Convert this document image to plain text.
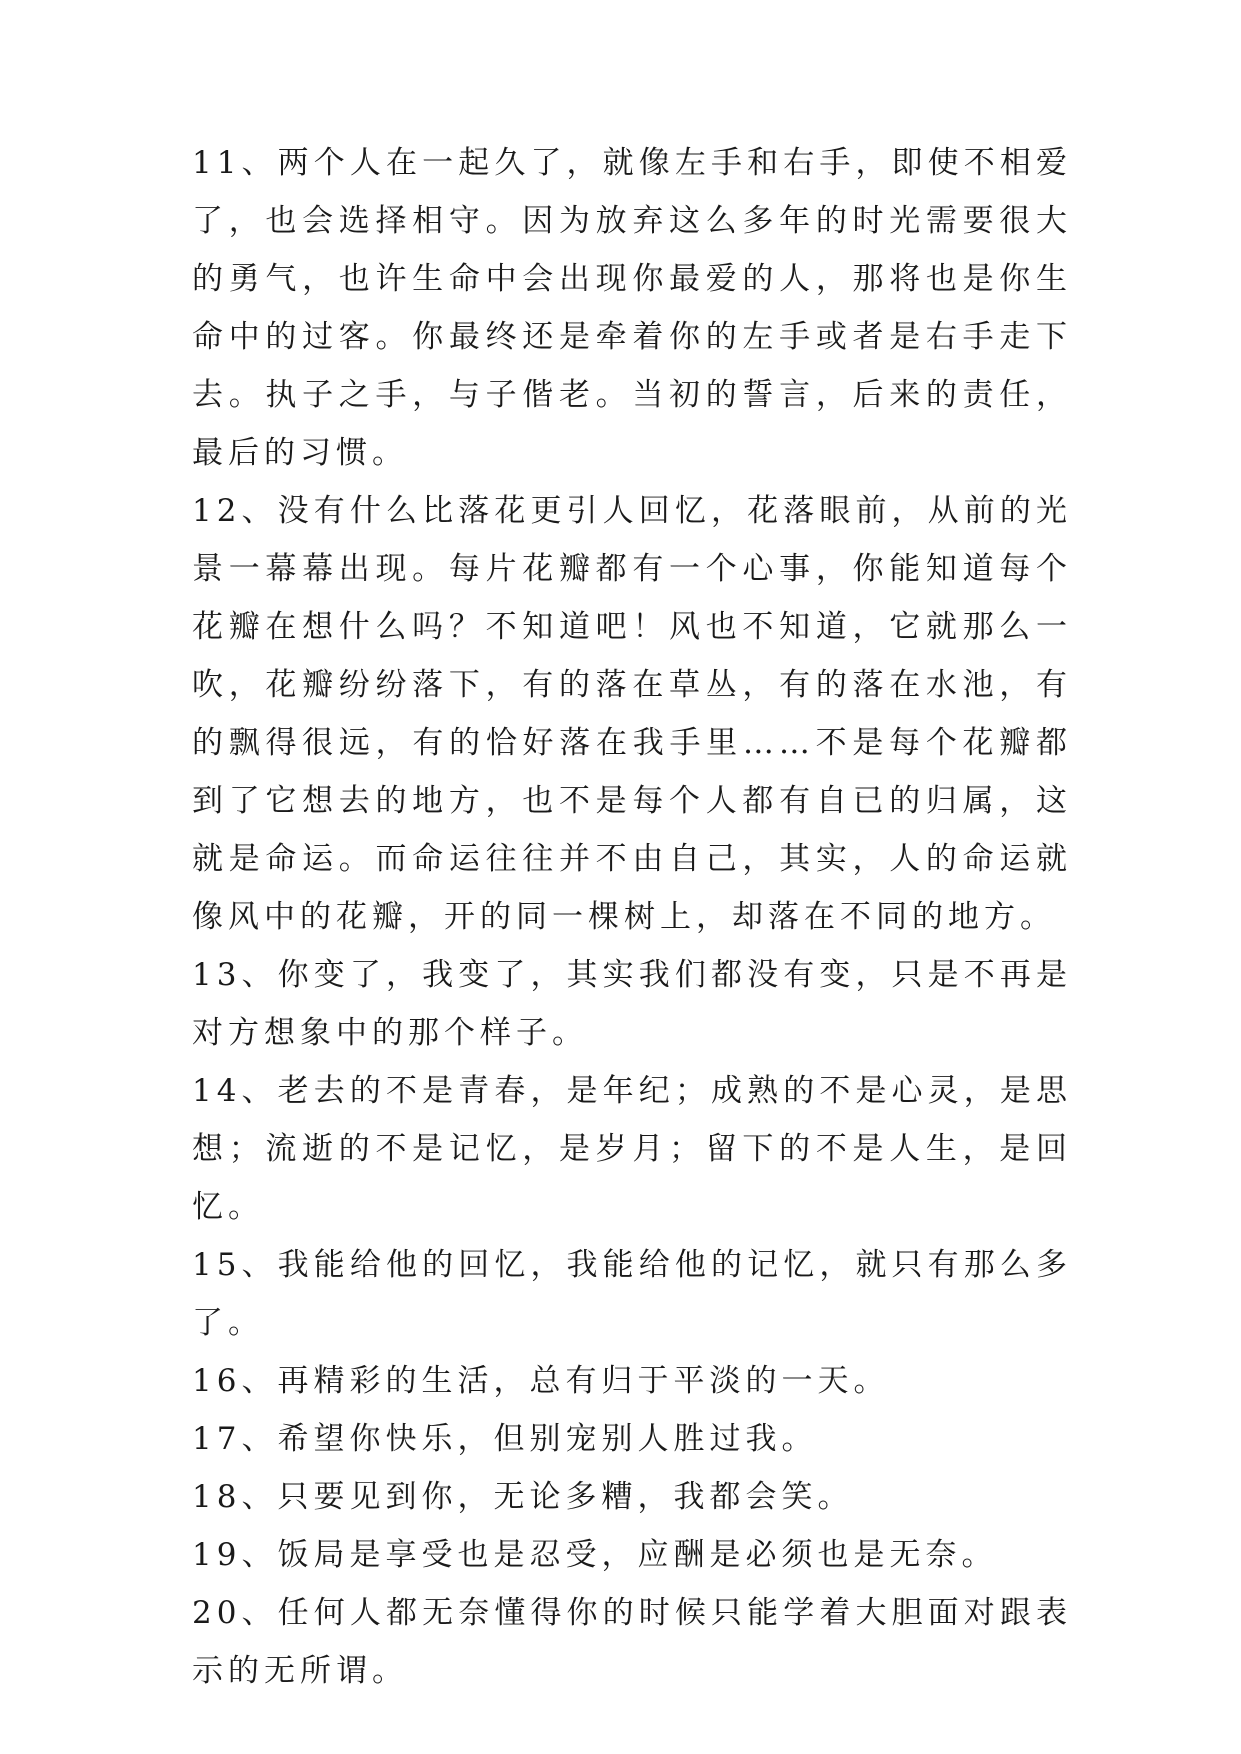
11、两个人在一起久了，就像左手和右手，即使不相爱了，也会选择相守。因为放弃这么多年的时光需要很大的勇气，也许生命中会出现你最爱的人，那将也是你生命中的过客。你最终还是牵着你的左手或者是右手走下去。执子之手，与子偕老。当初的誓言，后来的责任，最后的习惯。

12、没有什么比落花更引人回忆，花落眼前，从前的光景一幕幕出现。每片花瓣都有一个心事，你能知道每个花瓣在想什么吗？不知道吧！风也不知道，它就那么一吹，花瓣纷纷落下，有的落在草丛，有的落在水池，有的飘得很远，有的恰好落在我手里……不是每个花瓣都到了它想去的地方，也不是每个人都有自已的归属，这就是命运。而命运往往并不由自己，其实，人的命运就像风中的花瓣，开的同一棵树上，却落在不同的地方。

13、你变了，我变了，其实我们都没有变，只是不再是对方想象中的那个样子。

14、老去的不是青春，是年纪；成熟的不是心灵，是思想；流逝的不是记忆，是岁月；留下的不是人生，是回忆。

15、我能给他的回忆，我能给他的记忆，就只有那么多了。

16、再精彩的生活，总有归于平淡的一天。

17、希望你快乐，但别宠别人胜过我。

18、只要见到你，无论多糟，我都会笑。

19、饭局是享受也是忍受，应酬是必须也是无奈。

20、任何人都无奈懂得你的时候只能学着大胆面对跟表示的无所谓。
